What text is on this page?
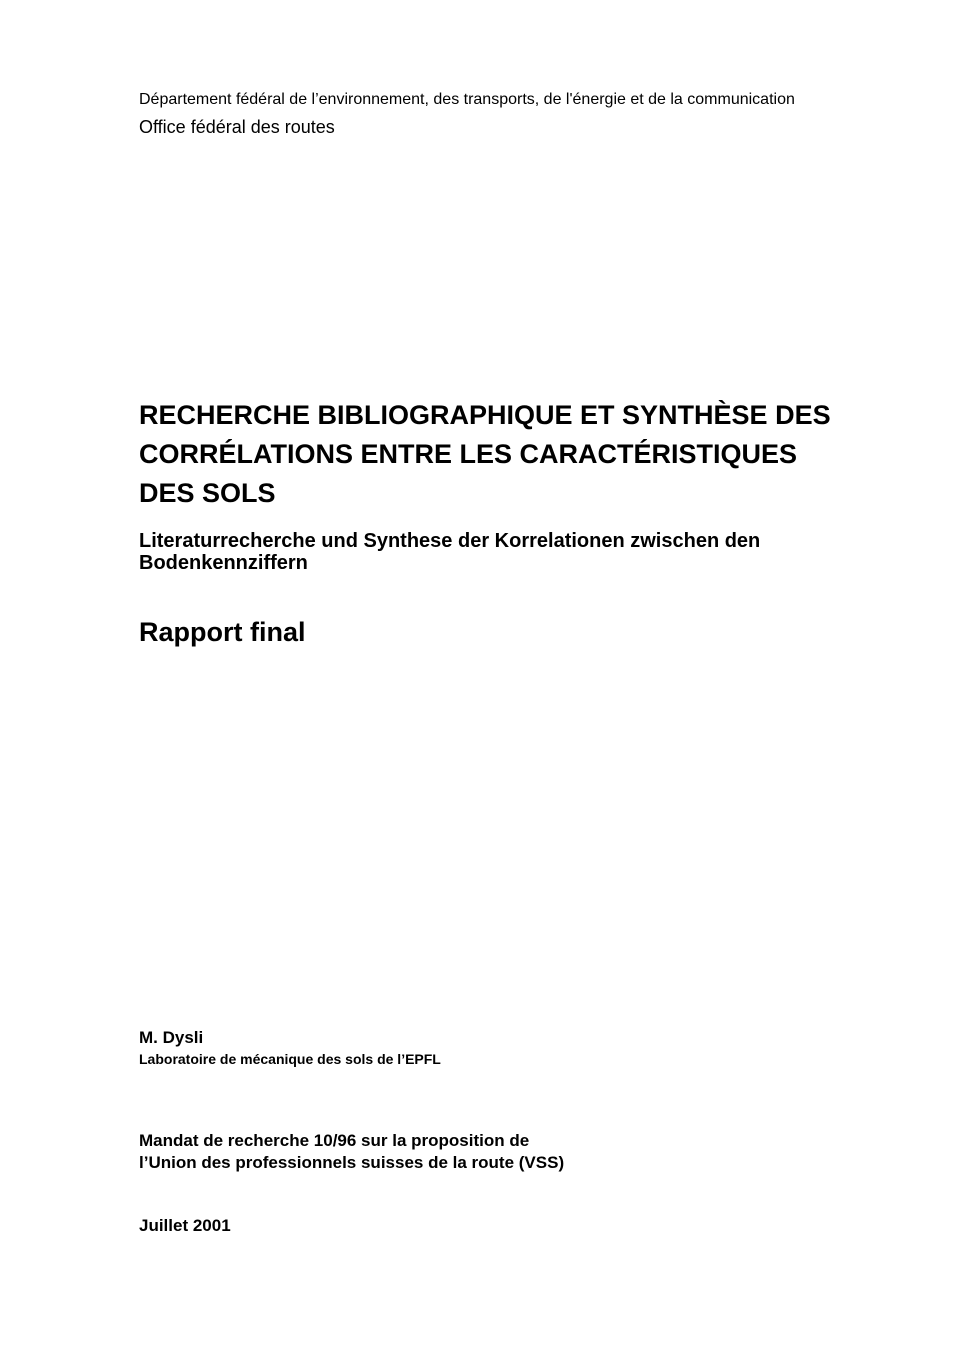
Département fédéral de l’environnement, des transports, de l'énergie et de la communication
Office fédéral des routes
RECHERCHE BIBLIOGRAPHIQUE ET SYNTHÈSE DES
CORRÉLATIONS ENTRE LES CARACTÉRISTIQUES
DES SOLS
Literaturrecherche und Synthese der Korrelationen zwischen den
Bodenkennziffern
Rapport final
M. Dysli
Laboratoire de mécanique des sols de l’EPFL
Mandat de recherche 10/96 sur la proposition de
l’Union des professionnels suisses de la route (VSS)
Juillet 2001
